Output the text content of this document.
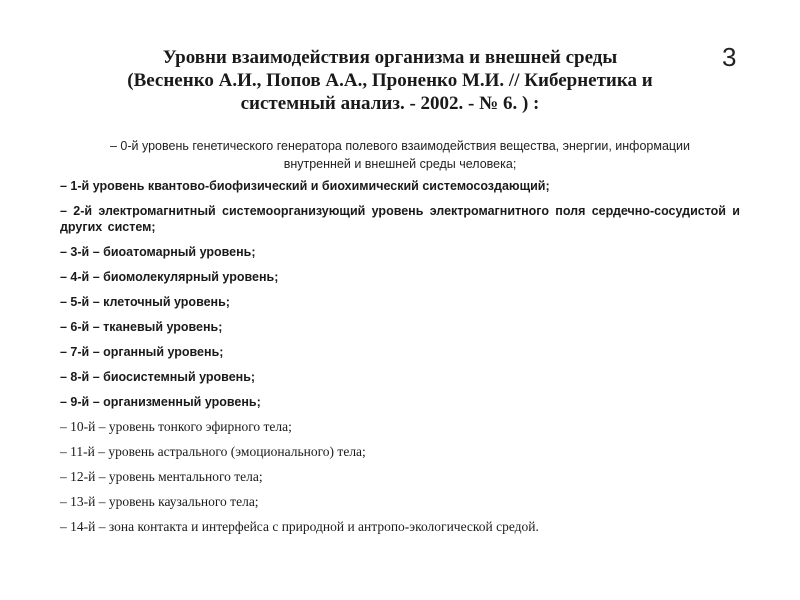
3
Уровни взаимодействия организма и внешней среды
(Весненко А.И., Попов А.А., Проненко М.И. // Кибернетика и
системный анализ. - 2002. - № 6. ) :
– 0-й уровень генетического генератора полевого взаимодействия вещества, энергии, информации
внутренней и внешней среды человека;
– 1-й уровень квантово-биофизический и биохимический системосоздающий;
– 2-й электромагнитный системоорганизующий уровень электромагнитного поля сердечно-сосудистой и других систем;
– 3-й – биоатомарный уровень;
– 4-й – биомолекулярный уровень;
– 5-й – клеточный уровень;
– 6-й – тканевый уровень;
– 7-й – органный уровень;
– 8-й – биосистемный уровень;
– 9-й – организменный уровень;
– 10-й – уровень тонкого эфирного тела;
– 11-й – уровень астрального (эмоционального) тела;
– 12-й – уровень ментального тела;
– 13-й – уровень каузального тела;
– 14-й – зона контакта и интерфейса с природной и антропо-экологической средой.
